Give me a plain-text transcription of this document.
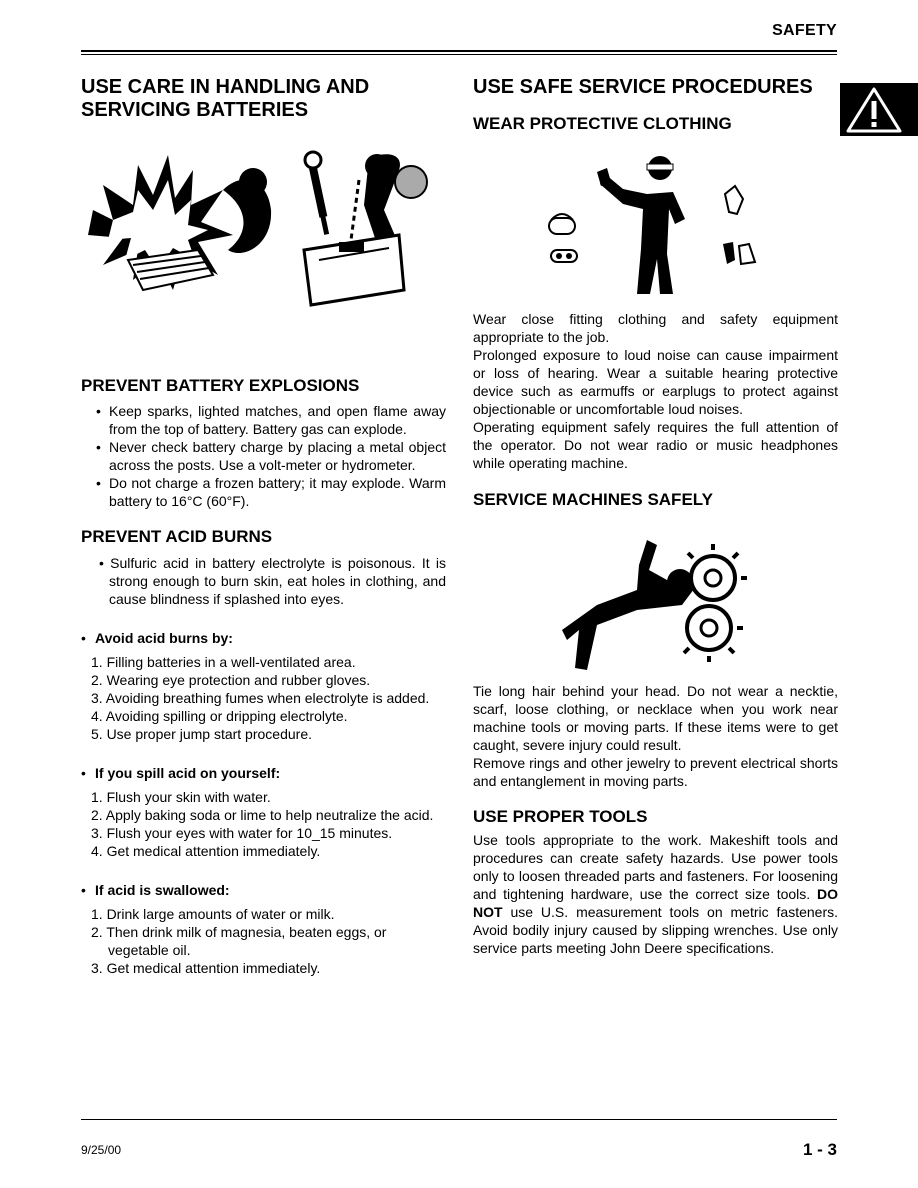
SAFETY
USE CARE IN HANDLING AND SERVICING BATTERIES
PREVENT BATTERY EXPLOSIONS
• Keep sparks, lighted matches, and open flame away from the top of battery. Battery gas can explode.
• Never check battery charge by placing a metal object across the posts. Use a volt-meter or hydrometer.
• Do not charge a frozen battery; it may explode. Warm battery to 16°C (60°F).
PREVENT ACID BURNS

• Sulfuric acid in battery electrolyte is poisonous. It is strong enough to burn skin, eat holes in clothing, and cause blindness if splashed into eyes.

• Avoid acid burns by:
1. Filling batteries in a well-ventilated area.
2. Wearing eye protection and rubber gloves.
3. Avoiding breathing fumes when electrolyte is added.
4. Avoiding spilling or dripping electrolyte.
5. Use proper jump start procedure.
• If you spill acid on yourself:
1. Flush your skin with water.
2. Apply baking soda or lime to help neutralize the acid.
3. Flush your eyes with water for 10_15 minutes.
4. Get medical attention immediately.
• If acid is swallowed:
1. Drink large amounts of water or milk.
2. Then drink milk of magnesia, beaten eggs, or vegetable oil.
3. Get medical attention immediately.
USE SAFE SERVICE PROCEDURES
WEAR PROTECTIVE CLOTHING

Wear close fitting clothing and safety equipment appropriate to the job.

Prolonged exposure to loud noise can cause impairment or loss of hearing. Wear a suitable hearing protective device such as earmuffs or earplugs to protect against objectionable or uncomfortable loud noises.

Operating equipment safely requires the full attention of the operator. Do not wear radio or music headphones while operating machine.

SERVICE MACHINES SAFELY

Tie long hair behind your head. Do not wear a necktie, scarf, loose clothing, or necklace when you work near machine tools or moving parts. If these items were to get caught, severe injury could result.

Remove rings and other jewelry to prevent electrical shorts and entanglement in moving parts.

USE PROPER TOOLS

Use tools appropriate to the work. Makeshift tools and procedures can create safety hazards. Use power tools only to loosen threaded parts and fasteners. For loosening and tightening hardware, use the correct size tools. DO NOT use U.S. measurement tools on metric fasteners. Avoid bodily injury caused by slipping wrenches. Use only service parts meeting John Deere specifications.

9/25/00	1 - 3
